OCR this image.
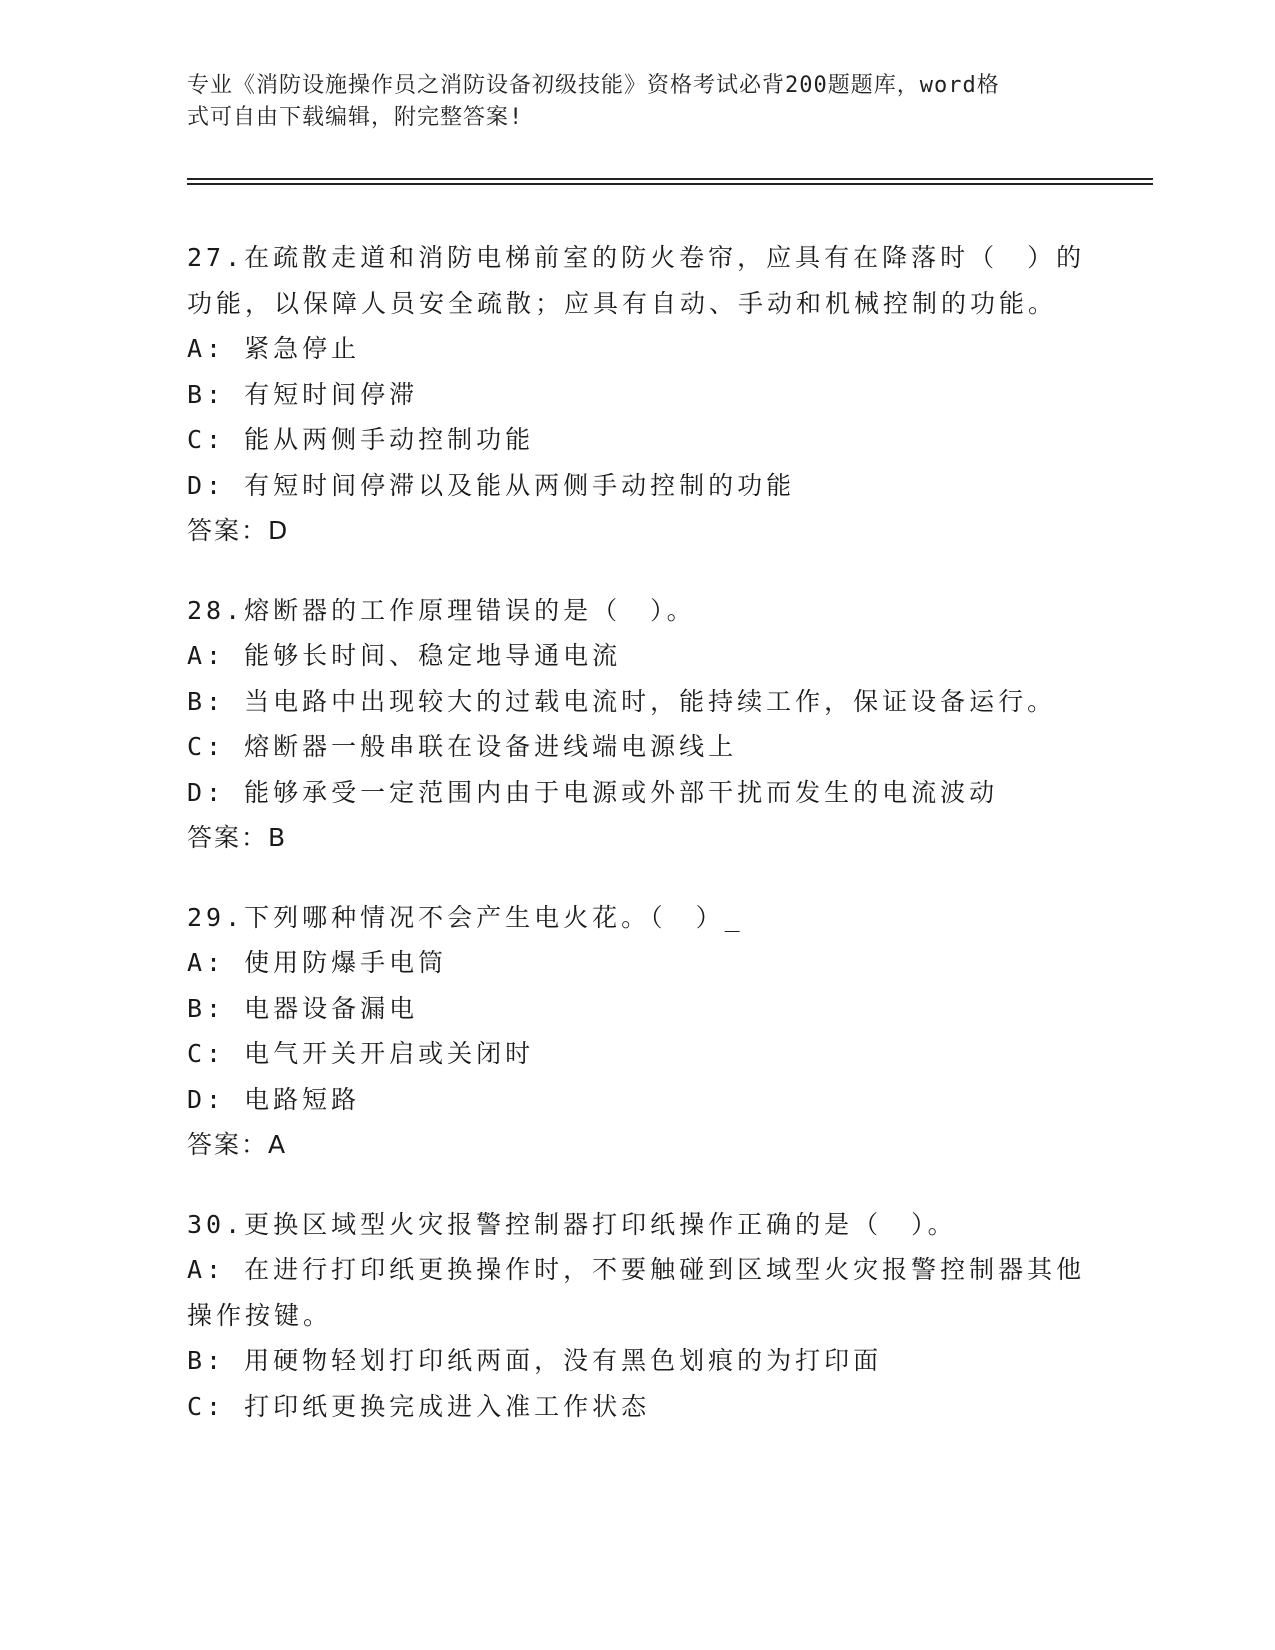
专业《消防设施操作员之消防设备初级技能》资格考试必背200题题库，word格
式可自由下载编辑，附完整答案!

27.在疏散走道和消防电梯前室的防火卷帘，应具有在降落时（　）的

功能，以保障人员安全疏散；应具有自动、手动和机械控制的功能。

A: 紧急停止

B: 有短时间停滞

C: 能从两侧手动控制功能

D: 有短时间停滞以及能从两侧手动控制的功能

答案：D

28.熔断器的工作原理错误的是（　）。

A: 能够长时间、稳定地导通电流

B: 当电路中出现较大的过载电流时，能持续工作，保证设备运行。

C: 熔断器一般串联在设备进线端电源线上

D: 能够承受一定范围内由于电源或外部干扰而发生的电流波动

答案：B

29.下列哪种情况不会产生电火花。（　）_

A: 使用防爆手电筒

B: 电器设备漏电

C: 电气开关开启或关闭时

D: 电路短路

答案：A

30.更换区域型火灾报警控制器打印纸操作正确的是（　）。

A: 在进行打印纸更换操作时，不要触碰到区域型火灾报警控制器其他

操作按键。

B: 用硬物轻划打印纸两面，没有黑色划痕的为打印面

C: 打印纸更换完成进入准工作状态
